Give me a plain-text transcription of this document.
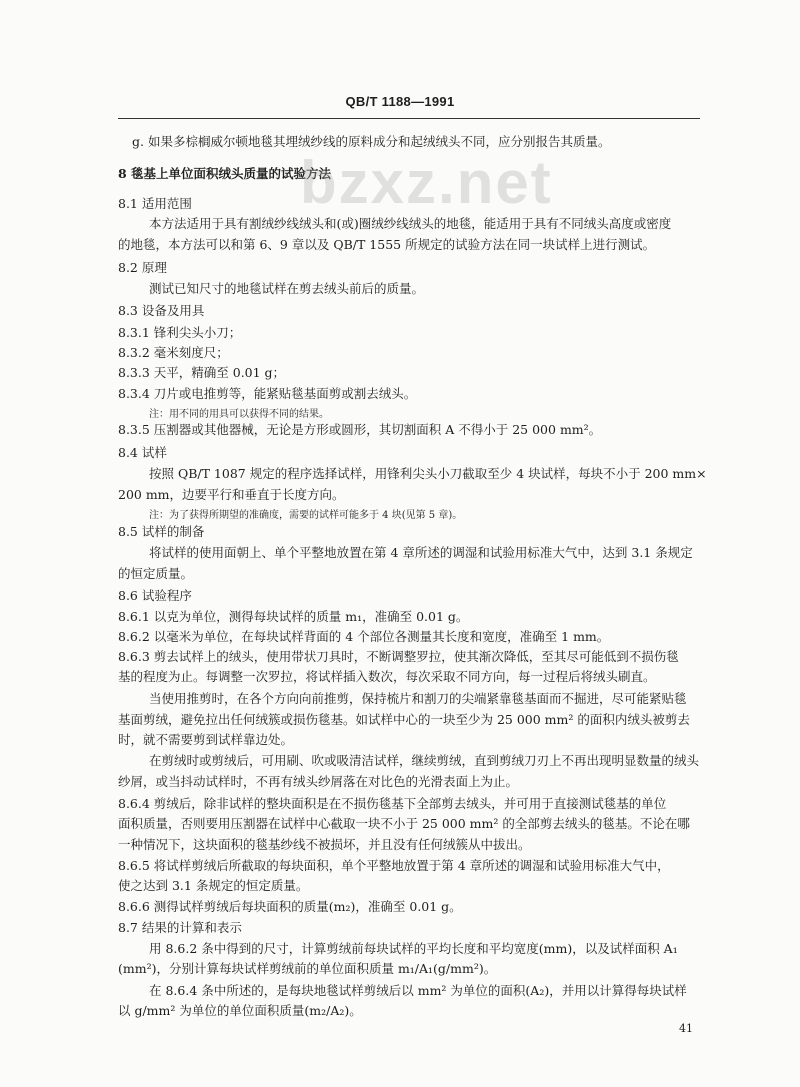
QB/T 1188—1991
bzxz.net
g. 如果多棕榈威尔顿地毯其埋绒纱线的原料成分和起绒绒头不同，应分别报告其质量。
8 毯基上单位面积绒头质量的试验方法
8.1 适用范围
本方法适用于具有割绒纱线绒头和(或)圈绒纱线绒头的地毯，能适用于具有不同绒头高度或密度
的地毯，本方法可以和第 6、9 章以及 QB/T 1555 所规定的试验方法在同一块试样上进行测试。
8.2 原理
测试已知尺寸的地毯试样在剪去绒头前后的质量。
8.3 设备及用具
8.3.1 锋利尖头小刀；
8.3.2 毫米刻度尺；
8.3.3 天平，精确至 0.01 g；
8.3.4 刀片或电推剪等，能紧贴毯基面剪或割去绒头。
注：用不同的用具可以获得不同的结果。
8.3.5 压割器或其他器械，无论是方形或圆形，其切割面积 A 不得小于 25 000 mm²。
8.4 试样
按照 QB/T 1087 规定的程序选择试样，用锋利尖头小刀截取至少 4 块试样，每块不小于 200 mm×
200 mm，边要平行和垂直于长度方向。
注：为了获得所期望的准确度，需要的试样可能多于 4 块(见第 5 章)。
8.5 试样的制备
将试样的使用面朝上、单个平整地放置在第 4 章所述的调湿和试验用标准大气中，达到 3.1 条规定
的恒定质量。
8.6 试验程序
8.6.1 以克为单位，测得每块试样的质量 m₁，准确至 0.01 g。
8.6.2 以毫米为单位，在每块试样背面的 4 个部位各测量其长度和宽度，准确至 1 mm。
8.6.3 剪去试样上的绒头，使用带状刀具时，不断调整罗拉，使其渐次降低，至其尽可能低到不损伤毯
基的程度为止。每调整一次罗拉，将试样插入数次，每次采取不同方向，每一过程后将绒头刷直。
当使用推剪时，在各个方向向前推剪，保持梳片和割刀的尖端紧靠毯基面而不掘进，尽可能紧贴毯
基面剪绒，避免拉出任何绒簇或损伤毯基。如试样中心的一块至少为 25 000 mm² 的面积内绒头被剪去
时，就不需要剪到试样靠边处。
在剪绒时或剪绒后，可用刷、吹或吸清洁试样，继续剪绒，直到剪绒刀刃上不再出现明显数量的绒头
纱屑，或当抖动试样时，不再有绒头纱屑落在对比色的光滑表面上为止。
8.6.4 剪绒后，除非试样的整块面积是在不损伤毯基下全部剪去绒头，并可用于直接测试毯基的单位
面积质量，否则要用压割器在试样中心截取一块不小于 25 000 mm² 的全部剪去绒头的毯基。不论在哪
一种情况下，这块面积的毯基纱线不被损坏，并且没有任何绒簇从中拔出。
8.6.5 将试样剪绒后所截取的每块面积，单个平整地放置于第 4 章所述的调湿和试验用标准大气中，
使之达到 3.1 条规定的恒定质量。
8.6.6 测得试样剪绒后每块面积的质量(m₂)，准确至 0.01 g。
8.7 结果的计算和表示
用 8.6.2 条中得到的尺寸，计算剪绒前每块试样的平均长度和平均宽度(mm)，以及试样面积 A₁
(mm²)，分别计算每块试样剪绒前的单位面积质量 m₁/A₁(g/mm²)。
在 8.6.4 条中所述的，是每块地毯试样剪绒后以 mm² 为单位的面积(A₂)，并用以计算得每块试样
以 g/mm² 为单位的单位面积质量(m₂/A₂)。
41
